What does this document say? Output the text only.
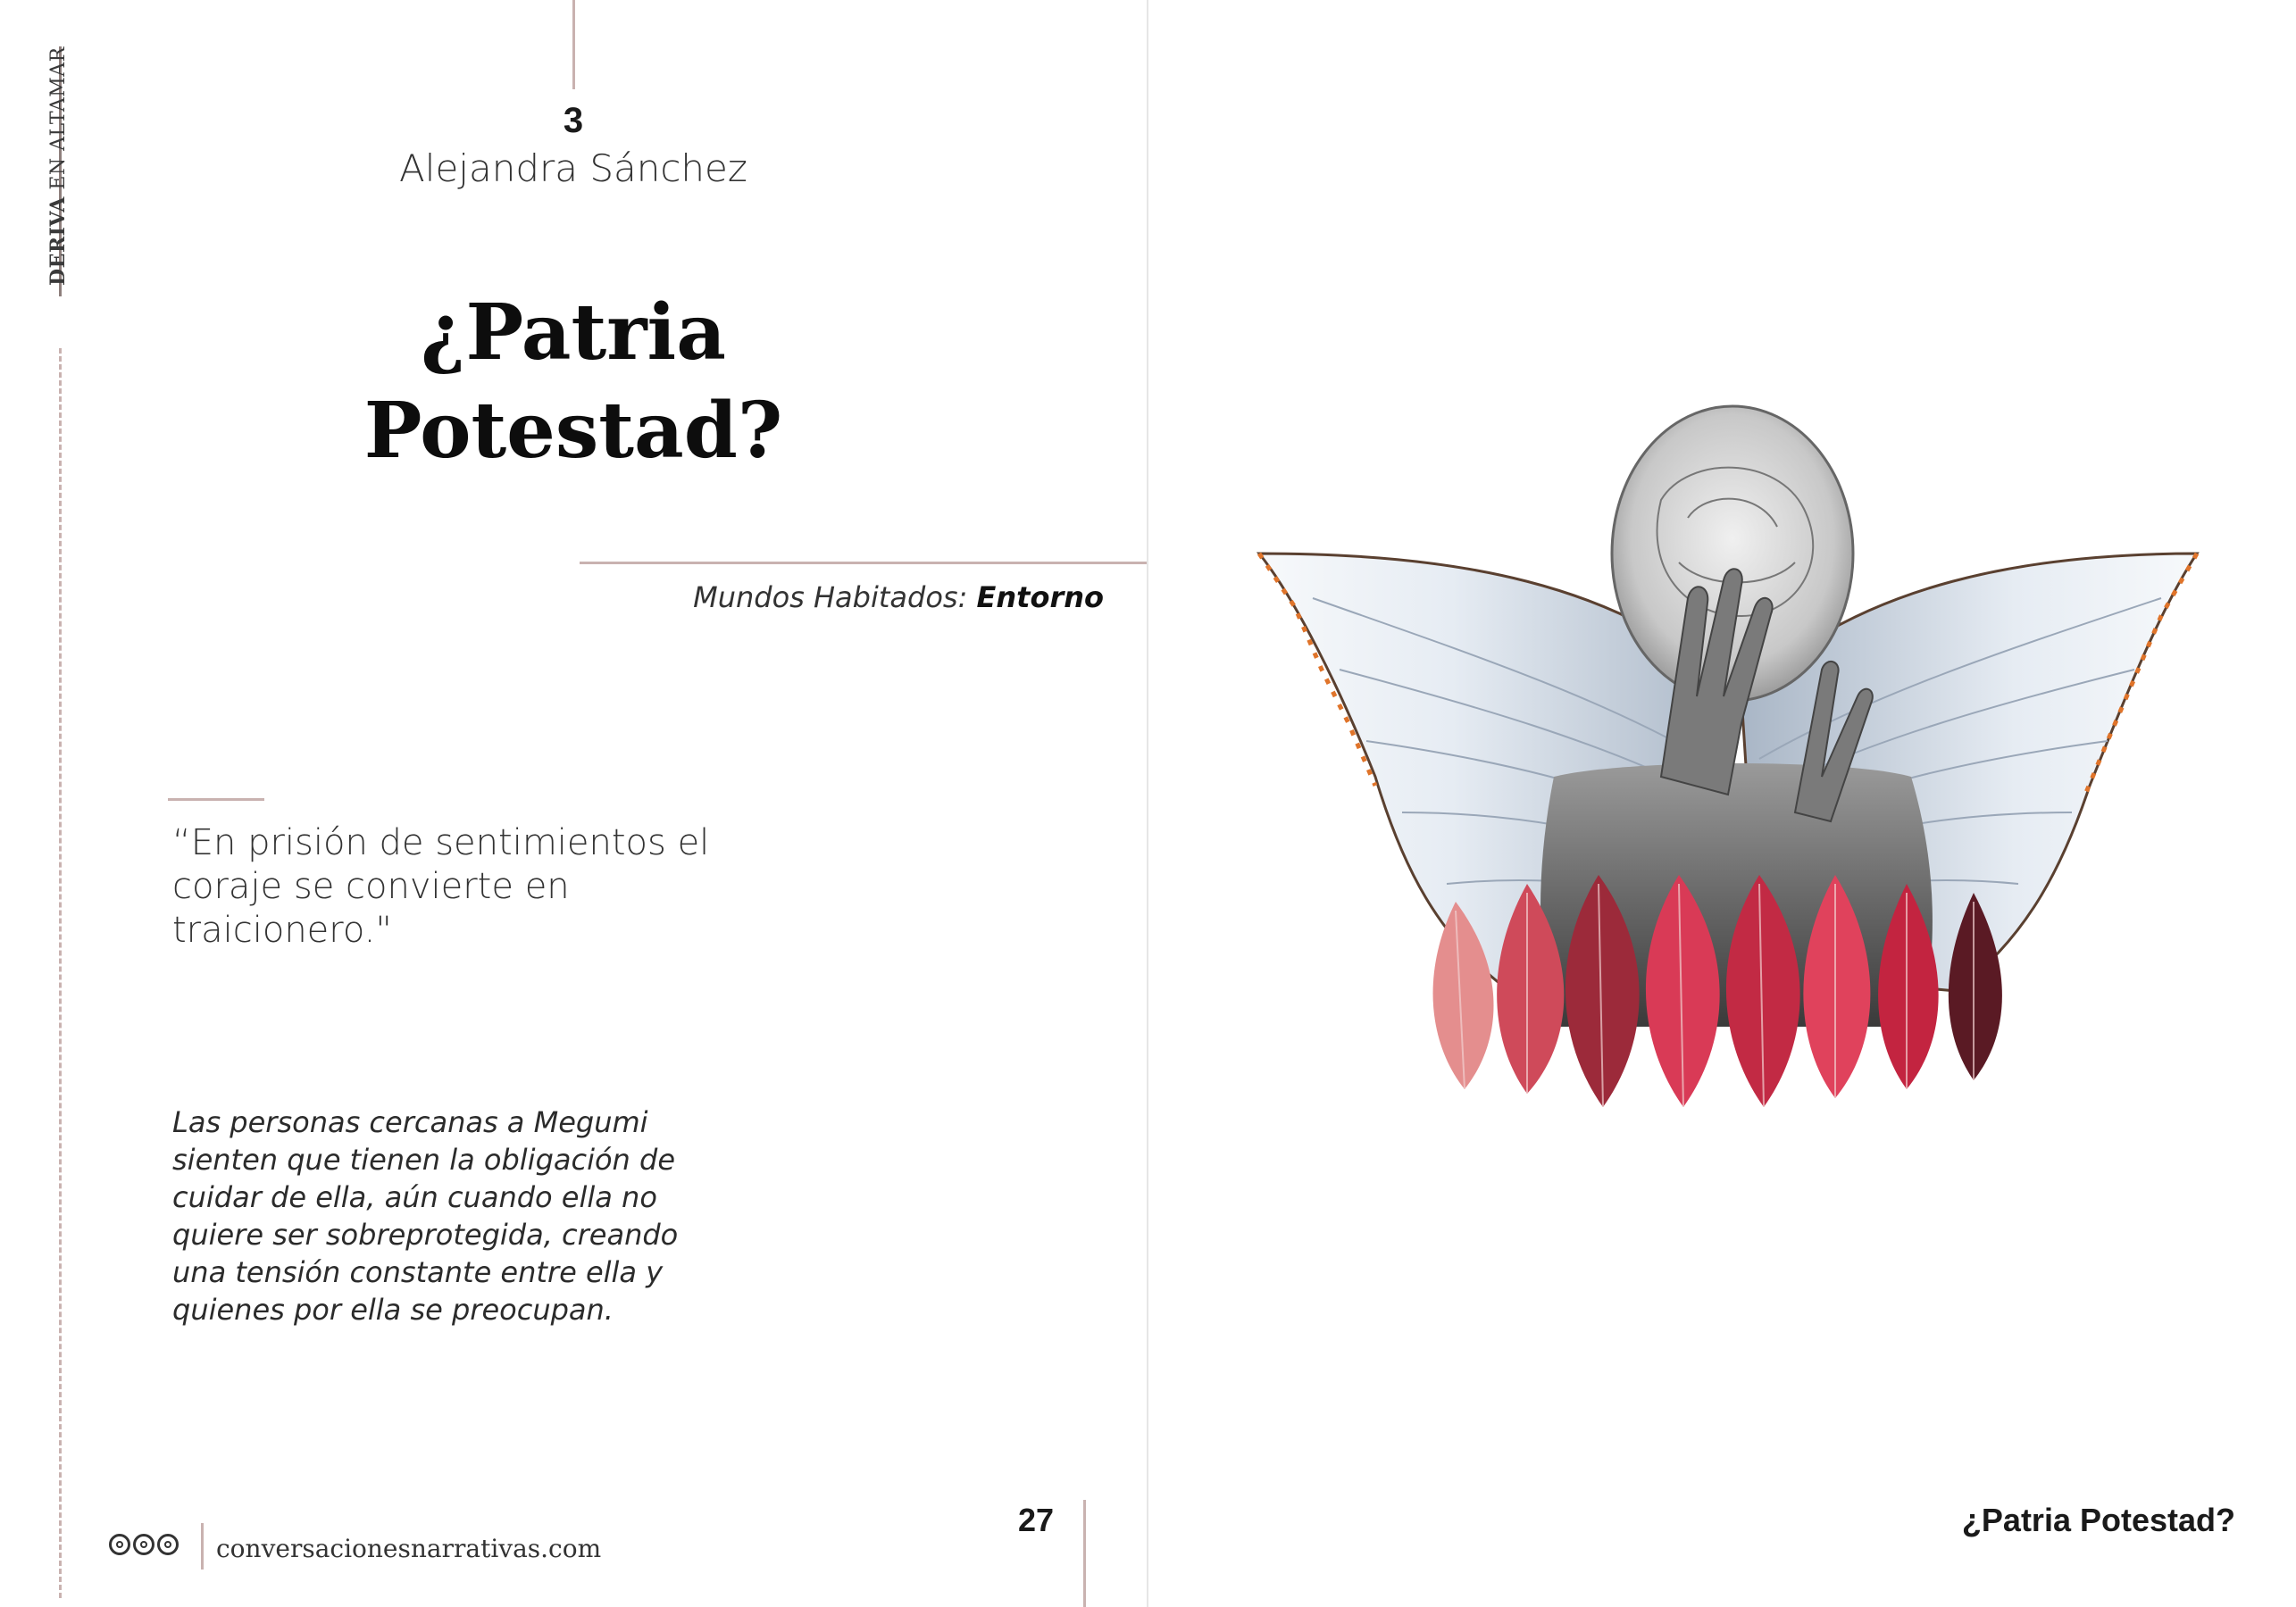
DERIVA EN ALTAMAR	3
Alejandra Sánchez
¿Patria
Potestad?
Mundos Habitados: Entorno
“En prisión de sentimientos el coraje se convierte en traicionero."
Las personas cercanas a Megumi sienten que tienen la obligación de cuidar de ella, aún cuando ella no quiere ser sobreprotegida, creando una tensión constante entre ella y quienes por ella se preocupan.
conversacionesnarrativas.com
27	¿Patria Potestad?
